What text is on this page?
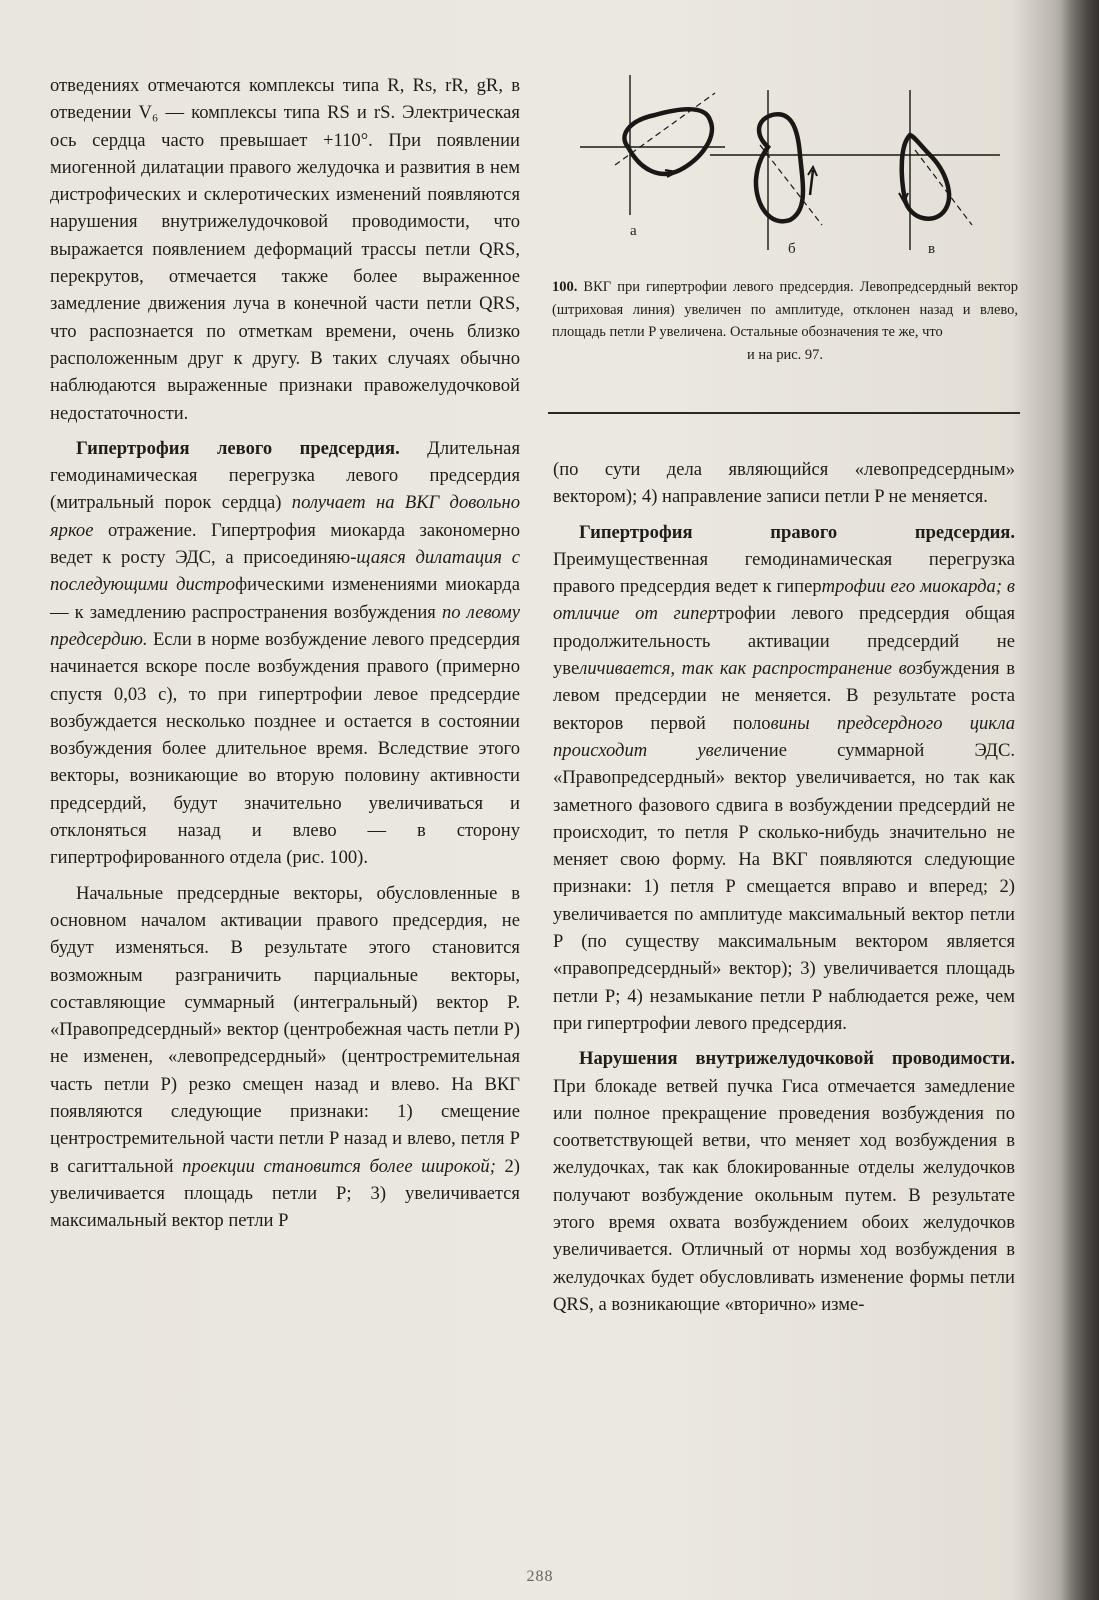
отведениях отмечаются комплексы типа R, Rs, rR, gR, в отведении V₆ — комплексы типа RS и rS. Электрическая ось сердца часто превышает +110°. При появлении миогенной дилатации правого желудочка и развития в нем дистрофических и склеротических изменений появляются нарушения внутрижелудочковой проводимости, что выражается появлением деформаций трассы петли QRS, перекрутов, отмечается также более выраженное замедление движения луча в конечной части петли QRS, что распознается по отметкам времени, очень близко расположенным друг к другу. В таких случаях обычно наблюдаются выраженные признаки правожелудочковой недостаточности.

Гипертрофия левого предсердия. Длительная гемодинамическая перегрузка левого предсердия (митральный порок сердца) получает на ВКГ довольно яркое отражение. Гипертрофия миокарда закономерно ведет к росту ЭДС, а присоединяю-щаяся дилатация с последующими дистрофическими изменениями миокарда — к замедлению распространения возбуждения по левому предсердию. Если в норме возбуждение левого предсердия начинается вскоре после возбуждения правого (примерно спустя 0,03 с), то при гипертрофии левое предсердие возбуждается несколько позднее и остается в состоянии возбуждения более длительное время. Вследствие этого векторы, возникающие во вторую половину активности предсердий, будут значительно увеличиваться и отклоняться назад и влево — в сторону гипертрофированного отдела (рис. 100).

Начальные предсердные векторы, обусловленные в основном началом активации правого предсердия, не будут изменяться. В результате этого становится возможным разграничить парциальные векторы, составляющие суммарный (интегральный) вектор P. «Правопредсердный» вектор (центробежная часть петли P) не изменен, «левопредсердный» (центростремительная часть петли P) резко смещен назад и влево. На ВКГ появляются следующие признаки: 1) смещение центростремительной части петли P назад и влево, петля P в сагиттальной проекции становится более широкой; 2) увеличивается площадь петли P; 3) увеличивается максимальный вектор петли P

а
б	в
100. ВКГ при гипертрофии левого предсердия. Левопредсердный вектор (штриховая линия) увеличен по амплитуде, отклонен назад и влево, площадь петли P увеличена. Остальные обозначения те же, что
и на рис. 97.

(по сути дела являющийся «левопредсердным» вектором); 4) направление записи петли P не меняется.

Гипертрофия правого предсердия. Преимущественная гемодинамическая перегрузка правого предсердия ведет к гипертрофии его миокарда; в отличие от гипертрофии левого предсердия общая продолжительность активации предсердий не увеличивается, так как распространение возбуждения в левом предсердии не меняется. В результате роста векторов первой половины предсердного цикла происходит увеличение суммарной ЭДС. «Правопредсердный» вектор увеличивается, но так как заметного фазового сдвига в возбуждении предсердий не происходит, то петля P сколько-нибудь значительно не меняет свою форму. На ВКГ появляются следующие признаки: 1) петля P смещается вправо и вперед; 2) увеличивается по амплитуде максимальный вектор петли P (по существу максимальным вектором является «правопредсердный» вектор); 3) увеличивается площадь петли P; 4) незамыкание петли P наблюдается реже, чем при гипертрофии левого предсердия.

Нарушения внутрижелудочковой проводимости. При блокаде ветвей пучка Гиса отмечается замедление или полное прекращение проведения возбуждения по соответствующей ветви, что меняет ход возбуждения в желудочках, так как блокированные отделы желудочков получают возбуждение окольным путем. В результате этого время охвата возбуждением обоих желудочков увеличивается. Отличный от нормы ход возбуждения в желудочках будет обусловливать изменение формы петли QRS, а возникающие «вторично» изме-

288
